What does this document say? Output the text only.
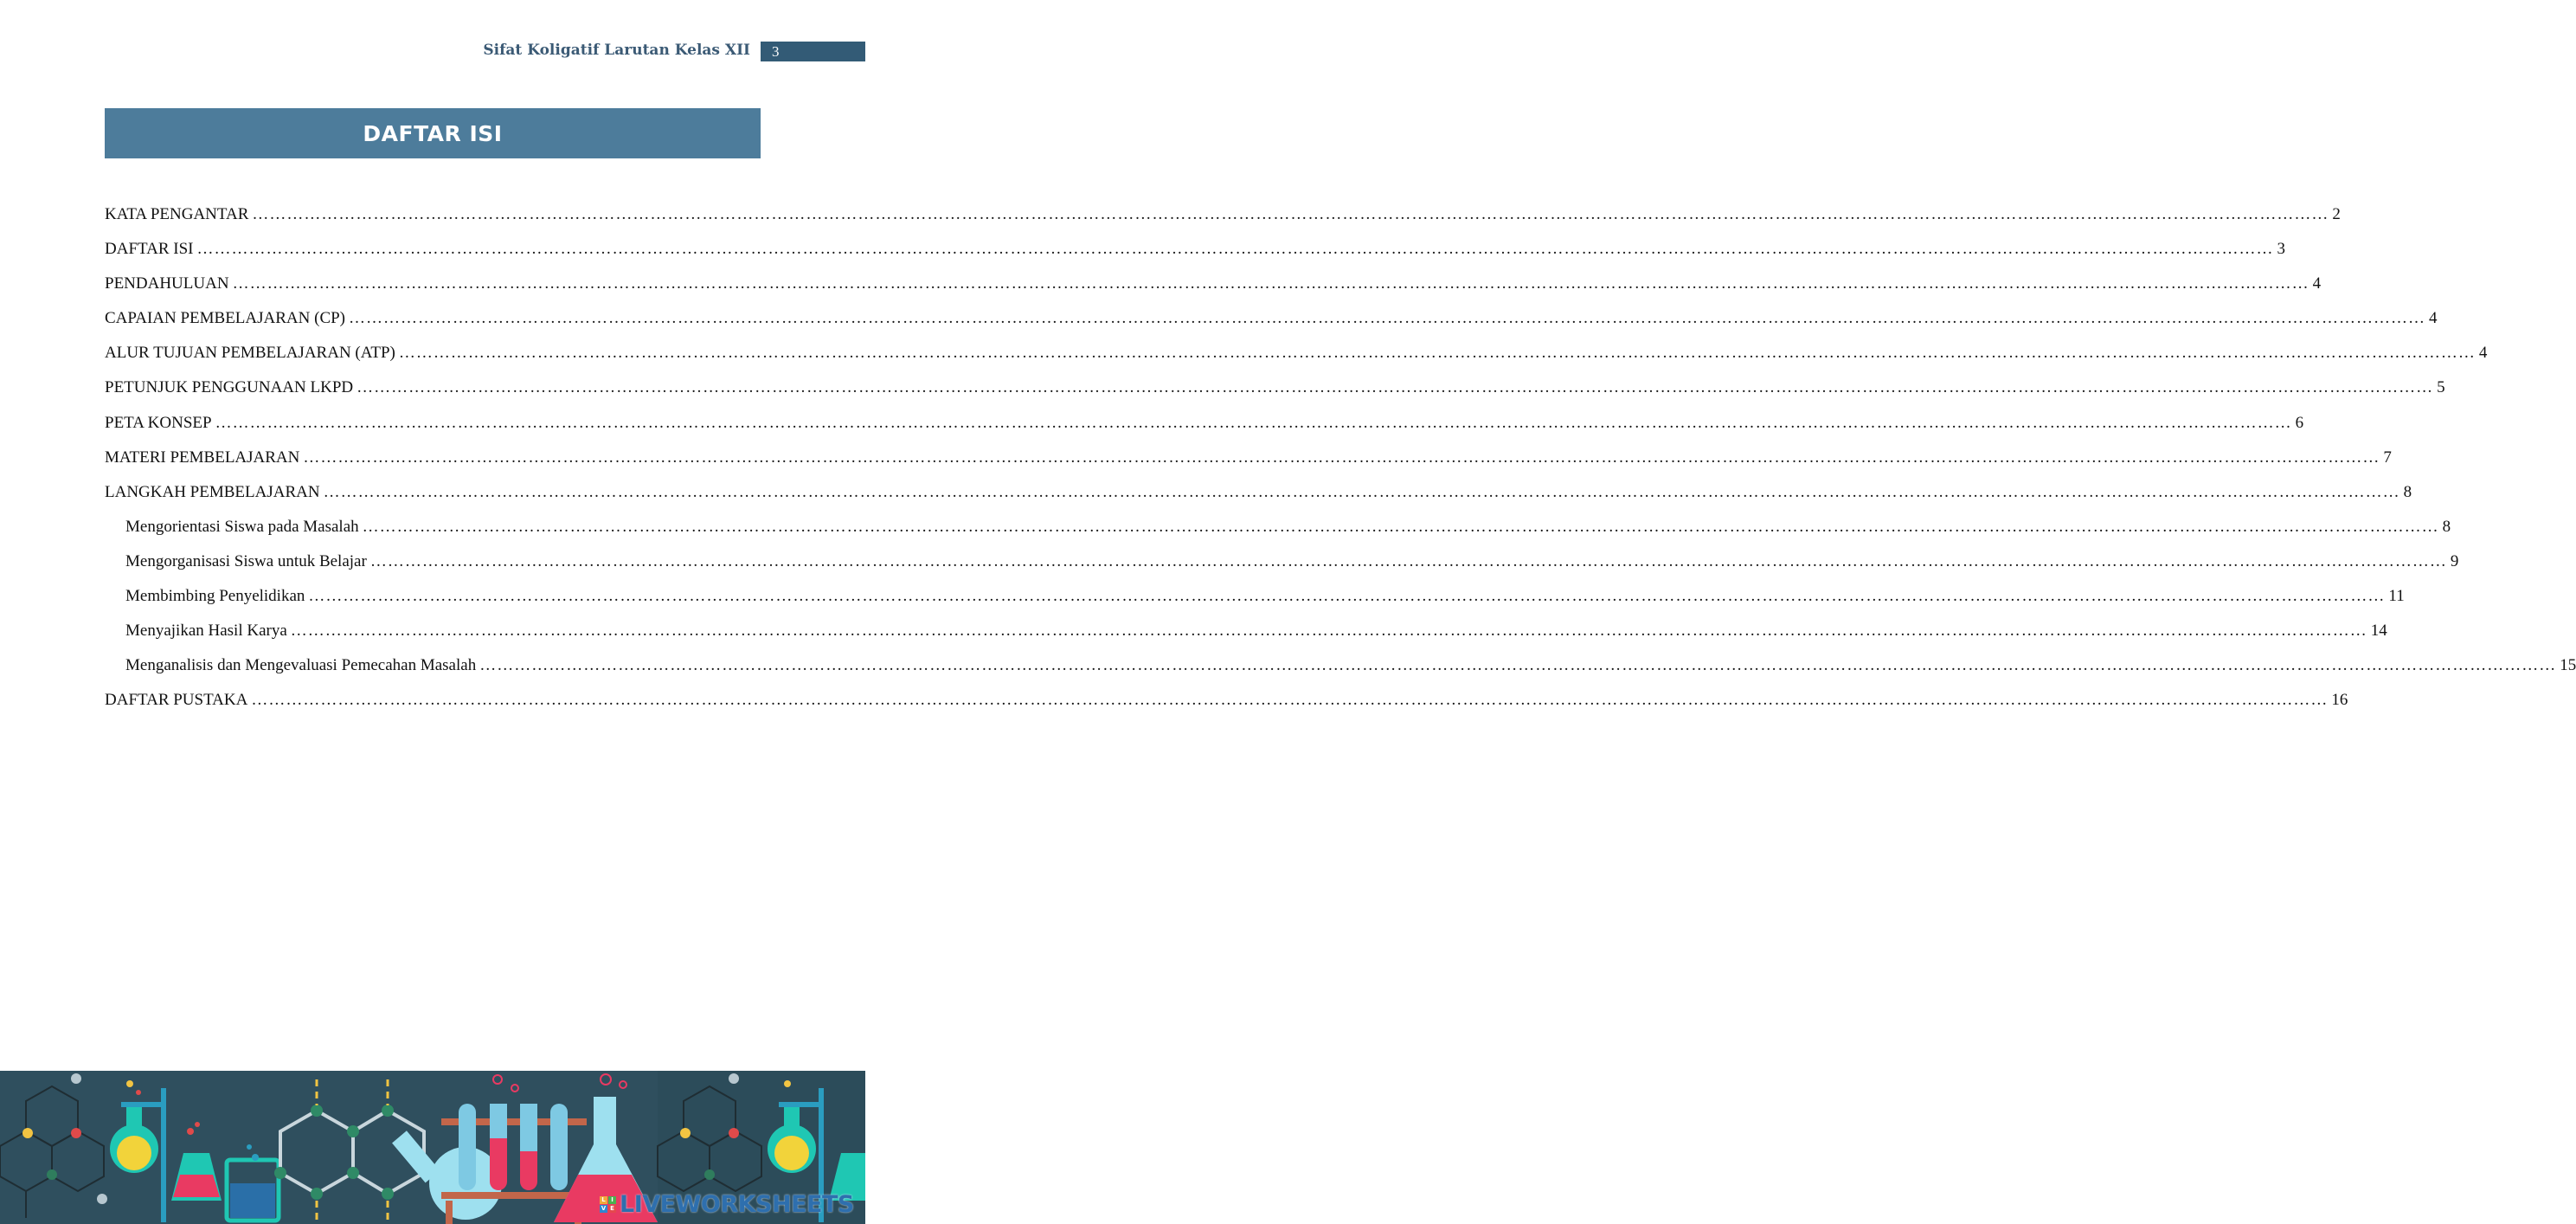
Sifat Koligatif Larutan Kelas XII 3
DAFTAR ISI
KATA PENGANTAR ……………………………………………………………………………………………………………………………………………………………………………………………………………………………………………………………………………………………………………………………… 2
DAFTAR ISI ……………………………………………………………………………………………………………………………………………………………………………………………………………………………………………………………………………………………………………………………… 3
PENDAHULUAN ……………………………………………………………………………………………………………………………………………………………………………………………………………………………………………………………………………………………………………………………… 4
CAPAIAN PEMBELAJARAN (CP) ……………………………………………………………………………………………………………………………………………………………………………………………………………………………………………………………………………………………………………………………… 4
ALUR TUJUAN PEMBELAJARAN (ATP) ……………………………………………………………………………………………………………………………………………………………………………………………………………………………………………………………………………………………………………………………… 4
PETUNJUK PENGGUNAAN LKPD ……………………………………………………………………………………………………………………………………………………………………………………………………………………………………………………………………………………………………………………………… 5
PETA KONSEP ……………………………………………………………………………………………………………………………………………………………………………………………………………………………………………………………………………………………………………………………… 6
MATERI PEMBELAJARAN ……………………………………………………………………………………………………………………………………………………………………………………………………………………………………………………………………………………………………………………………… 7
LANGKAH PEMBELAJARAN ……………………………………………………………………………………………………………………………………………………………………………………………………………………………………………………………………………………………………………………………… 8
Mengorientasi Siswa pada Masalah ……………………………………………………………………………………………………………………………………………………………………………………………………………………………………………………………………………………………………………………………… 8
Mengorganisasi Siswa untuk Belajar ……………………………………………………………………………………………………………………………………………………………………………………………………………………………………………………………………………………………………………………………… 9
Membimbing Penyelidikan ……………………………………………………………………………………………………………………………………………………………………………………………………………………………………………………………………………………………………………………………… 11
Menyajikan Hasil Karya ……………………………………………………………………………………………………………………………………………………………………………………………………………………………………………………………………………………………………………………………… 14
Menganalisis dan Mengevaluasi Pemecahan Masalah ……………………………………………………………………………………………………………………………………………………………………………………………………………………………………………………………………………………………………………………………… 15
DAFTAR PUSTAKA ……………………………………………………………………………………………………………………………………………………………………………………………………………………………………………………………………………………………………………………………… 16
L I
V E LIVEWORKSHEETS
